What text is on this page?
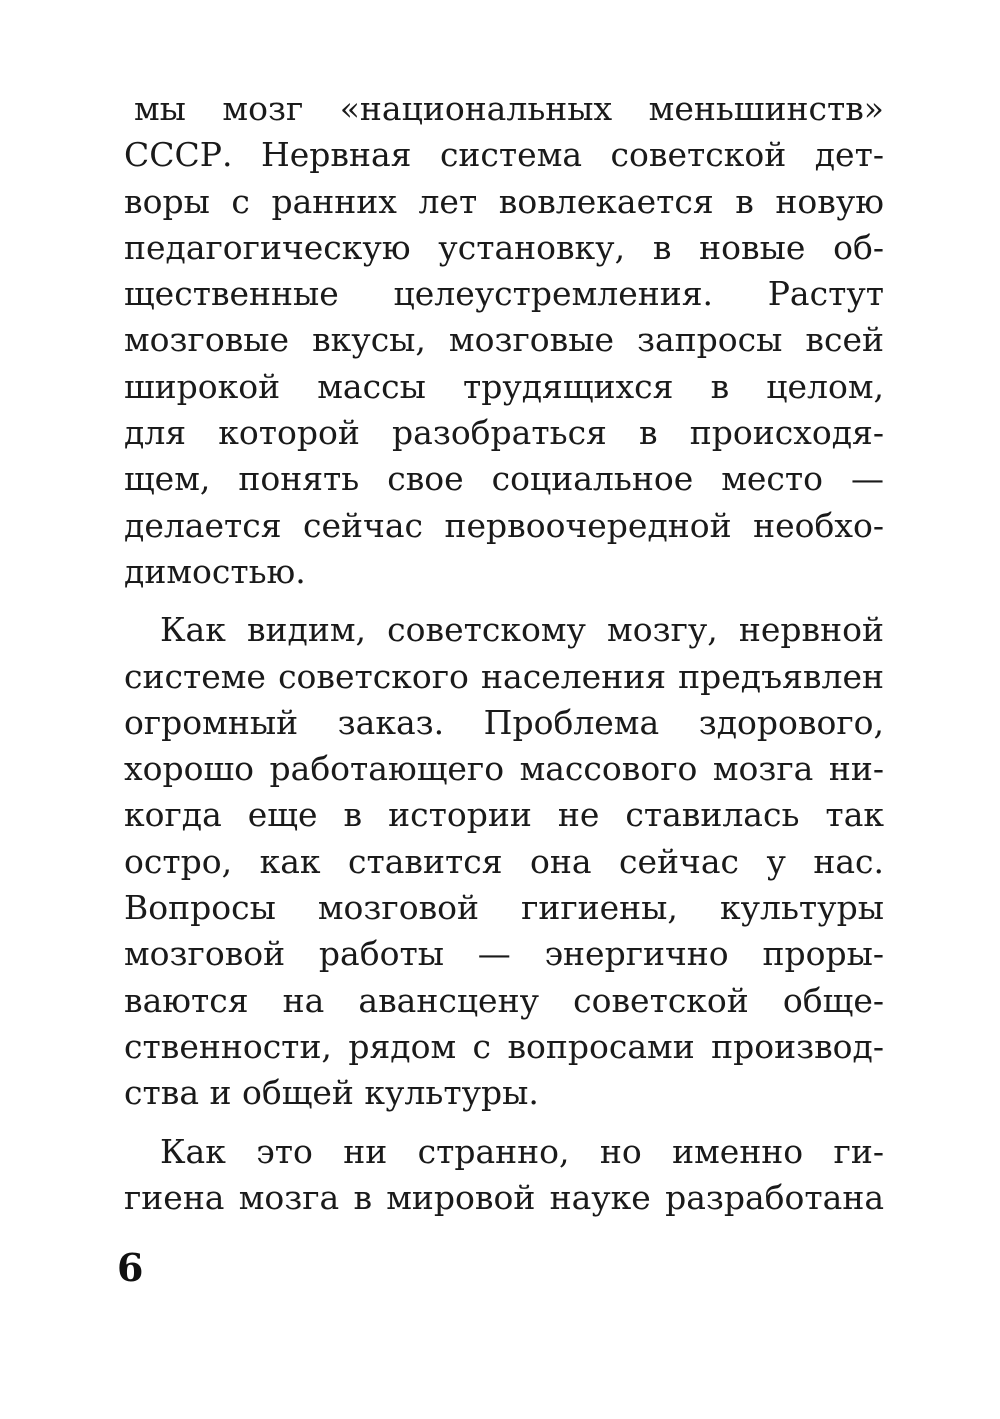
мы мозг «национальных меньшинств»
СССР. Нервная система советской дет-
воры с ранних лет вовлекается в новую
педагогическую установку, в новые об-
щественные целеустремления. Растут
мозговые вкусы, мозговые запросы всей
широкой массы трудящихся в целом,
для которой разобраться в происходя-
щем, понять свое социальное место —
делается сейчас первоочередной необхо-
димостью.
Как видим, советскому мозгу, нервной
системе советского населения предъявлен
огромный заказ. Проблема здорового,
хорошо работающего массового мозга ни-
когда еще в истории не ставилась так
остро, как ставится она сейчас у нас.
Вопросы мозговой гигиены, культуры
мозговой работы — энергично проры-
ваются на авансцену советской обще-
ственности, рядом с вопросами производ-
ства и общей культуры.
Как это ни странно, но именно ги-
гиена мозга в мировой науке разработана
6
